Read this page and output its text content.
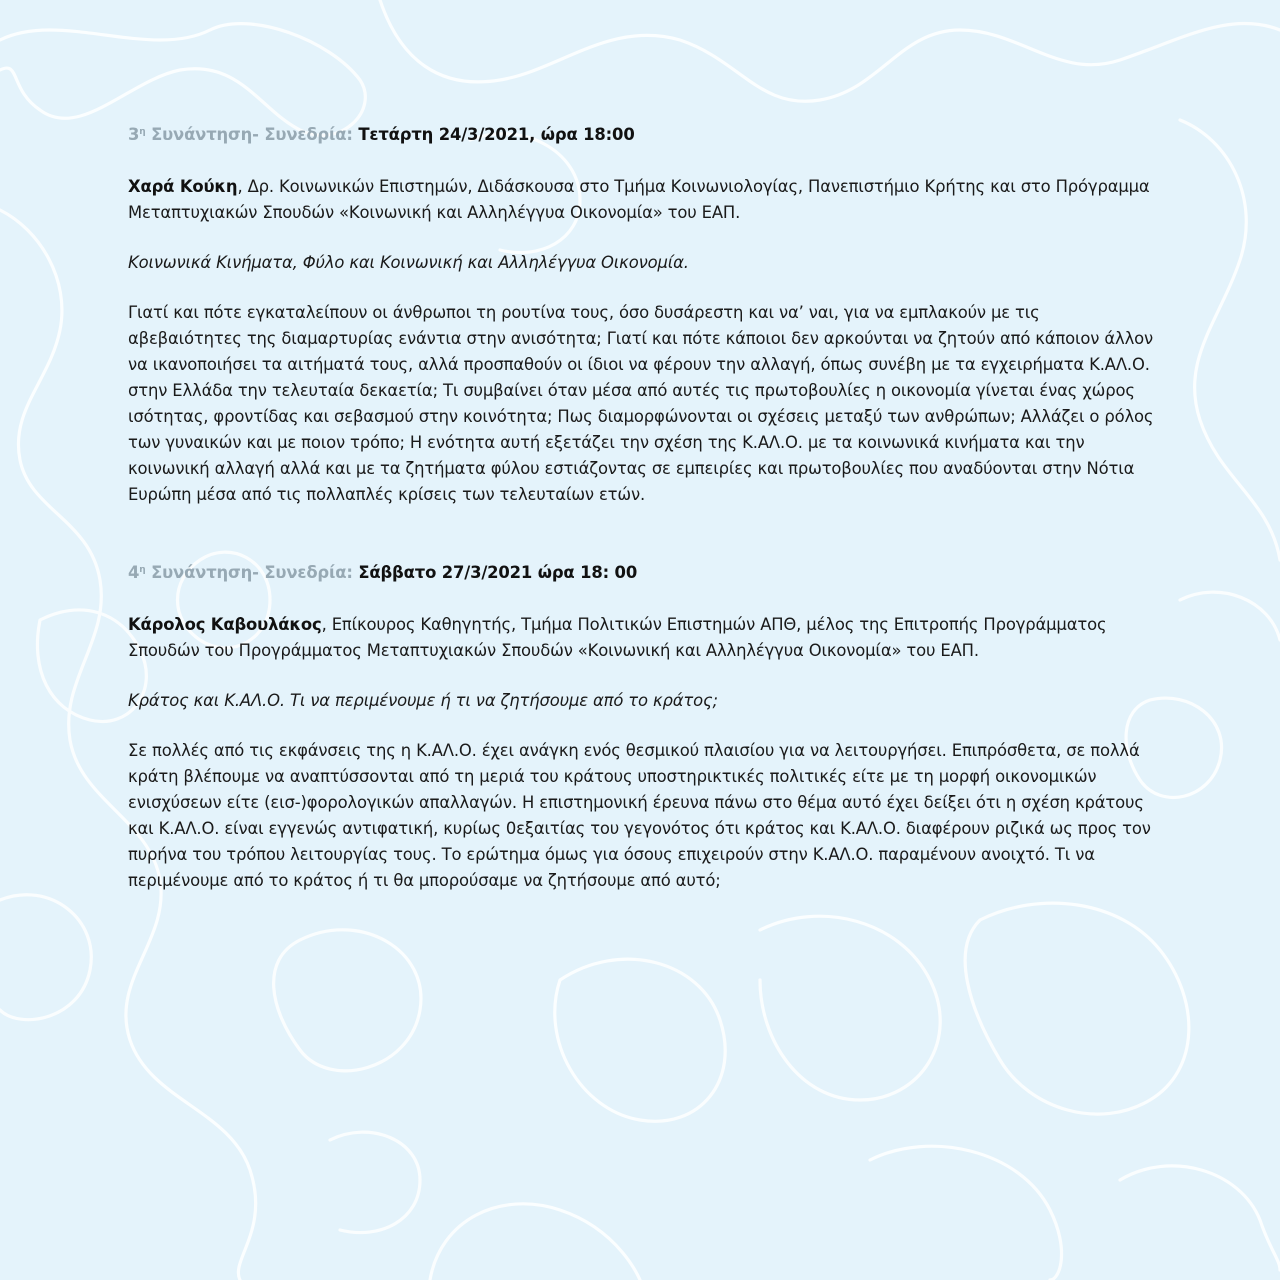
$3^\eta$ Συνάντηση- Συνεδρία: Τετάρτη 24/3/2021, ώρα 18:00

Χαρά Κούκη, Δρ. Κοινωνικών Επιστημών, Διδάσκουσα στο Τμήμα Κοινωνιολογίας, Πανεπιστήμιο Κρήτης και στο Πρόγραμμα Μεταπτυχιακών Σπουδών «Κοινωνική και Αλληλέγγυα Οικονομία» του ΕΑΠ.

Κοινωνικά Κινήματα, Φύλο και Κοινωνική και Αλληλέγγυα Οικονομία.

Γιατί και πότε εγκαταλείπουν οι άνθρωποι τη ρουτίνα τους, όσο δυσάρεστη και να’ ναι, για να εμπλακούν με τις αβεβαιότητες της διαμαρτυρίας ενάντια στην ανισότητα; Γιατί και πότε κάποιοι δεν αρκούνται να ζητούν από κάποιον άλλον να ικανοποιήσει τα αιτήματά τους, αλλά προσπαθούν οι ίδιοι να φέρουν την αλλαγή, όπως συνέβη με τα εγχειρήματα Κ.ΑΛ.Ο. στην Ελλάδα την τελευταία δεκαετία; Τι συμβαίνει όταν μέσα από αυτές τις πρωτοβουλίες η οικονομία γίνεται ένας χώρος ισότητας, φροντίδας και σεβασμού στην κοινότητα; Πως διαμορφώνονται οι σχέσεις μεταξύ των ανθρώπων; Αλλάζει ο ρόλος των γυναικών και με ποιον τρόπο; Η ενότητα αυτή εξετάζει την σχέση της Κ.ΑΛ.Ο. με τα κοινωνικά κινήματα και την κοινωνική αλλαγή αλλά και με τα ζητήματα φύλου εστιάζοντας σε εμπειρίες και πρωτοβουλίες που αναδύονται στην Νότια Ευρώπη μέσα από τις πολλαπλές κρίσεις των τελευταίων ετών.

$4^\eta$ Συνάντηση- Συνεδρία: Σάββατο 27/3/2021 ώρα 18: 00

Κάρολος Καβουλάκος, Επίκουρος Καθηγητής, Τμήμα Πολιτικών Επιστημών ΑΠΘ, μέλος της Επιτροπής Προγράμματος Σπουδών του Προγράμματος Μεταπτυχιακών Σπουδών «Κοινωνική και Αλληλέγγυα Οικονομία» του ΕΑΠ.

Κράτος και Κ.ΑΛ.Ο. Τι να περιμένουμε ή τι να ζητήσουμε από το κράτος;

Σε πολλές από τις εκφάνσεις της η Κ.ΑΛ.Ο. έχει ανάγκη ενός θεσμικού πλαισίου για να λειτουργήσει. Επιπρόσθετα, σε πολλά κράτη βλέπουμε να αναπτύσσονται από τη μεριά του κράτους υποστηρικτικές πολιτικές είτε με τη μορφή οικονομικών ενισχύσεων είτε (εισ-)φορολογικών απαλλαγών. Η επιστημονική έρευνα πάνω στο θέμα αυτό έχει δείξει ότι η σχέση κράτους και Κ.ΑΛ.Ο. είναι εγγενώς αντιφατική, κυρίως 0εξαιτίας του γεγονότος ότι κράτος και Κ.ΑΛ.Ο. διαφέρουν ριζικά ως προς τον πυρήνα του τρόπου λειτουργίας τους. Το ερώτημα όμως για όσους επιχειρούν στην Κ.ΑΛ.Ο. παραμένουν ανοιχτό. Τι να περιμένουμε από το κράτος ή τι θα μπορούσαμε να ζητήσουμε από αυτό;
